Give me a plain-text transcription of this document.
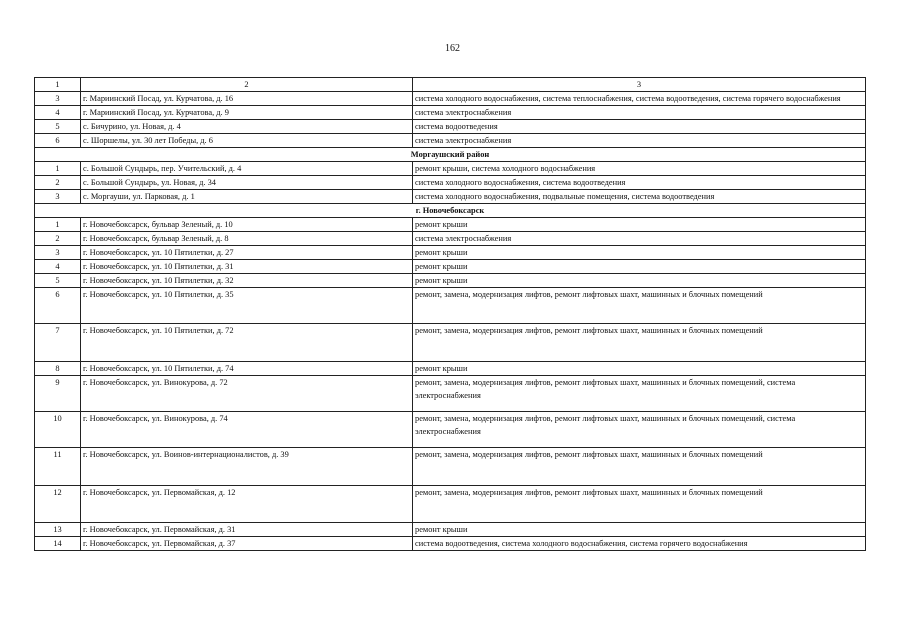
162
1	2	3
3	г. Мариинский Посад, ул. Курчатова, д. 16	система холодного водоснабжения, система теплоснабжения, система водоотведения, система горячего водоснабжения
4	г. Мариинский Посад, ул. Курчатова, д. 9	система электроснабжения
5	с. Бичурино, ул. Новая, д. 4	система водоотведения
6	с. Шоршелы, ул. 30 лет Победы, д. 6	система электроснабжения
Моргаушский район		
1	с. Большой Сундырь, пер. Учительский, д. 4	ремонт крыши, система холодного водоснабжения
2	с. Большой Сундырь, ул. Новая, д. 34	система холодного водоснабжения, система водоотведения
3	с. Моргауши, ул. Парковая, д. 1	система холодного водоснабжения, подвальные помещения, система водоотведения
г. Новочебоксарск		
1	г. Новочебоксарск, бульвар Зеленый, д. 10	ремонт крыши
2	г. Новочебоксарск, бульвар Зеленый, д. 8	система электроснабжения
3	г. Новочебоксарск, ул. 10 Пятилетки, д. 27	ремонт крыши
4	г. Новочебоксарск, ул. 10 Пятилетки, д. 31	ремонт крыши
5	г. Новочебоксарск, ул. 10 Пятилетки, д. 32	ремонт крыши
6	г. Новочебоксарск, ул. 10 Пятилетки, д. 35	ремонт, замена, модернизация лифтов, ремонт лифтовых шахт, машинных и блочных помещений
7	г. Новочебоксарск, ул. 10 Пятилетки, д. 72	ремонт, замена, модернизация лифтов, ремонт лифтовых шахт, машинных и блочных помещений
8	г. Новочебоксарск, ул. 10 Пятилетки, д. 74	ремонт крыши
9	г. Новочебоксарск, ул. Винокурова, д. 72	ремонт, замена, модернизация лифтов, ремонт лифтовых шахт, машинных и блочных помещений, система электроснабжения
10	г. Новочебоксарск, ул. Винокурова, д. 74	ремонт, замена, модернизация лифтов, ремонт лифтовых шахт, машинных и блочных помещений, система электроснабжения
11	г. Новочебоксарск, ул. Воинов-интернационалистов, д. 39	ремонт, замена, модернизация лифтов, ремонт лифтовых шахт, машинных и блочных помещений
12	г. Новочебоксарск, ул. Первомайская, д. 12	ремонт, замена, модернизация лифтов, ремонт лифтовых шахт, машинных и блочных помещений
13	г. Новочебоксарск, ул. Первомайская, д. 31	ремонт крыши
14	г. Новочебоксарск, ул. Первомайская, д. 37	система водоотведения, система холодного водоснабжения, система горячего водоснабжения
